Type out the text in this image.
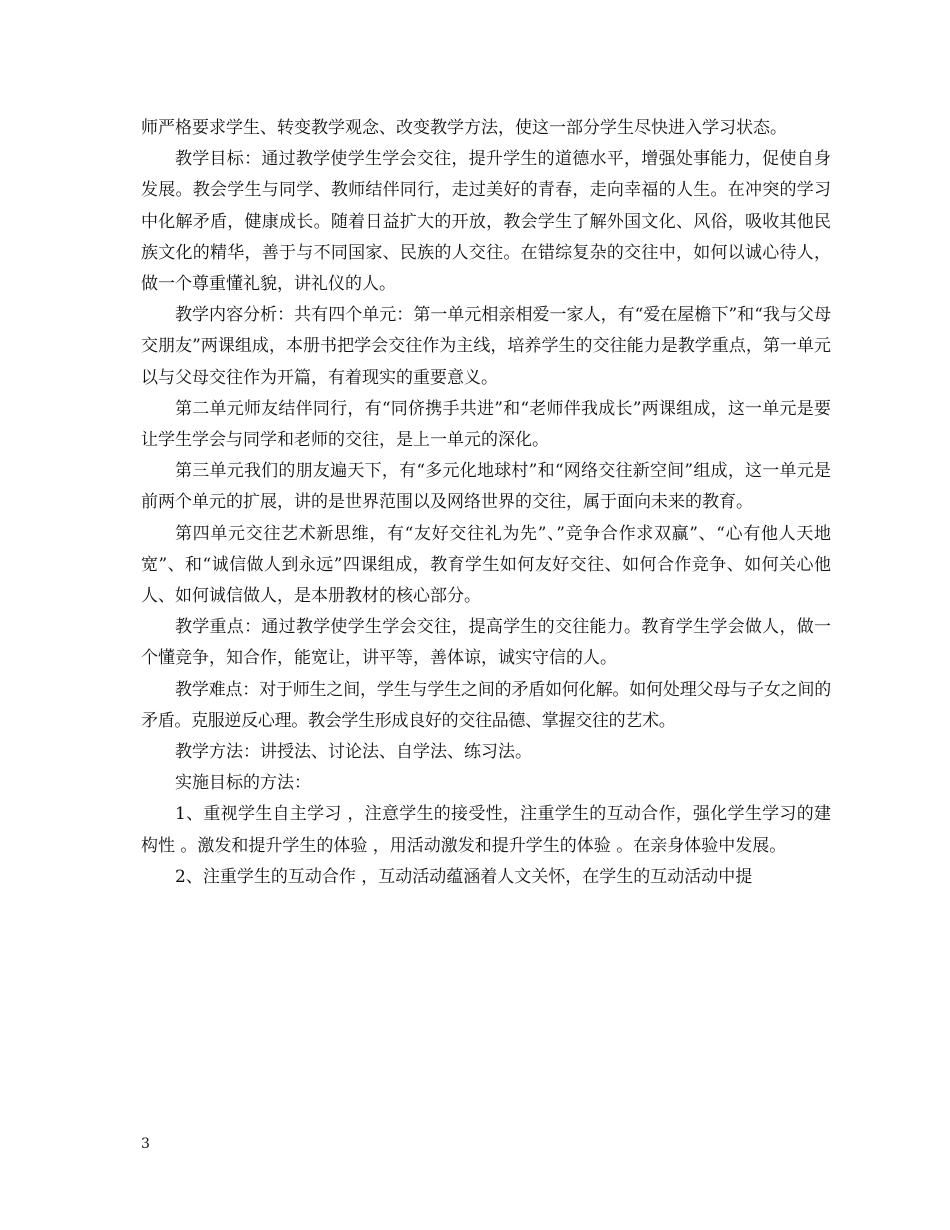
师严格要求学生、转变教学观念、改变教学方法，使这一部分学生尽快进入学习状态。

教学目标：通过教学使学生学会交往，提升学生的道德水平，增强处事能力，促使自身发展。教会学生与同学、教师结伴同行，走过美好的青春，走向幸福的人生。在冲突的学习中化解矛盾，健康成长。随着日益扩大的开放，教会学生了解外国文化、风俗，吸收其他民族文化的精华，善于与不同国家、民族的人交往。在错综复杂的交往中，如何以诚心待人，做一个尊重懂礼貌，讲礼仪的人。

教学内容分析：共有四个单元：第一单元相亲相爱一家人，有“爱在屋檐下”和“我与父母交朋友”两课组成，本册书把学会交往作为主线，培养学生的交往能力是教学重点，第一单元以与父母交往作为开篇，有着现实的重要意义。

第二单元师友结伴同行，有“同侪携手共进”和“老师伴我成长”两课组成，这一单元是要让学生学会与同学和老师的交往，是上一单元的深化。

第三单元我们的朋友遍天下，有“多元化地球村”和“网络交往新空间”组成，这一单元是前两个单元的扩展，讲的是世界范围以及网络世界的交往，属于面向未来的教育。

第四单元交往艺术新思维，有“友好交往礼为先”、”竞争合作求双赢”、“心有他人天地宽”、和“诚信做人到永远”四课组成，教育学生如何友好交往、如何合作竞争、如何关心他人、如何诚信做人，是本册教材的核心部分。

教学重点：通过教学使学生学会交往，提高学生的交往能力。教育学生学会做人，做一个懂竞争，知合作，能宽让，讲平等，善体谅，诚实守信的人。

教学难点：对于师生之间，学生与学生之间的矛盾如何化解。如何处理父母与子女之间的矛盾。克服逆反心理。教会学生形成良好的交往品德、掌握交往的艺术。

教学方法：讲授法、讨论法、自学法、练习法。

实施目标的方法：

1、重视学生自主学习 ，注意学生的接受性，注重学生的互动合作，强化学生学习的建构性 。激发和提升学生的体验 ，用活动激发和提升学生的体验 。在亲身体验中发展。

2、注重学生的互动合作 ，互动活动蕴涵着人文关怀，在学生的互动活动中提

3
